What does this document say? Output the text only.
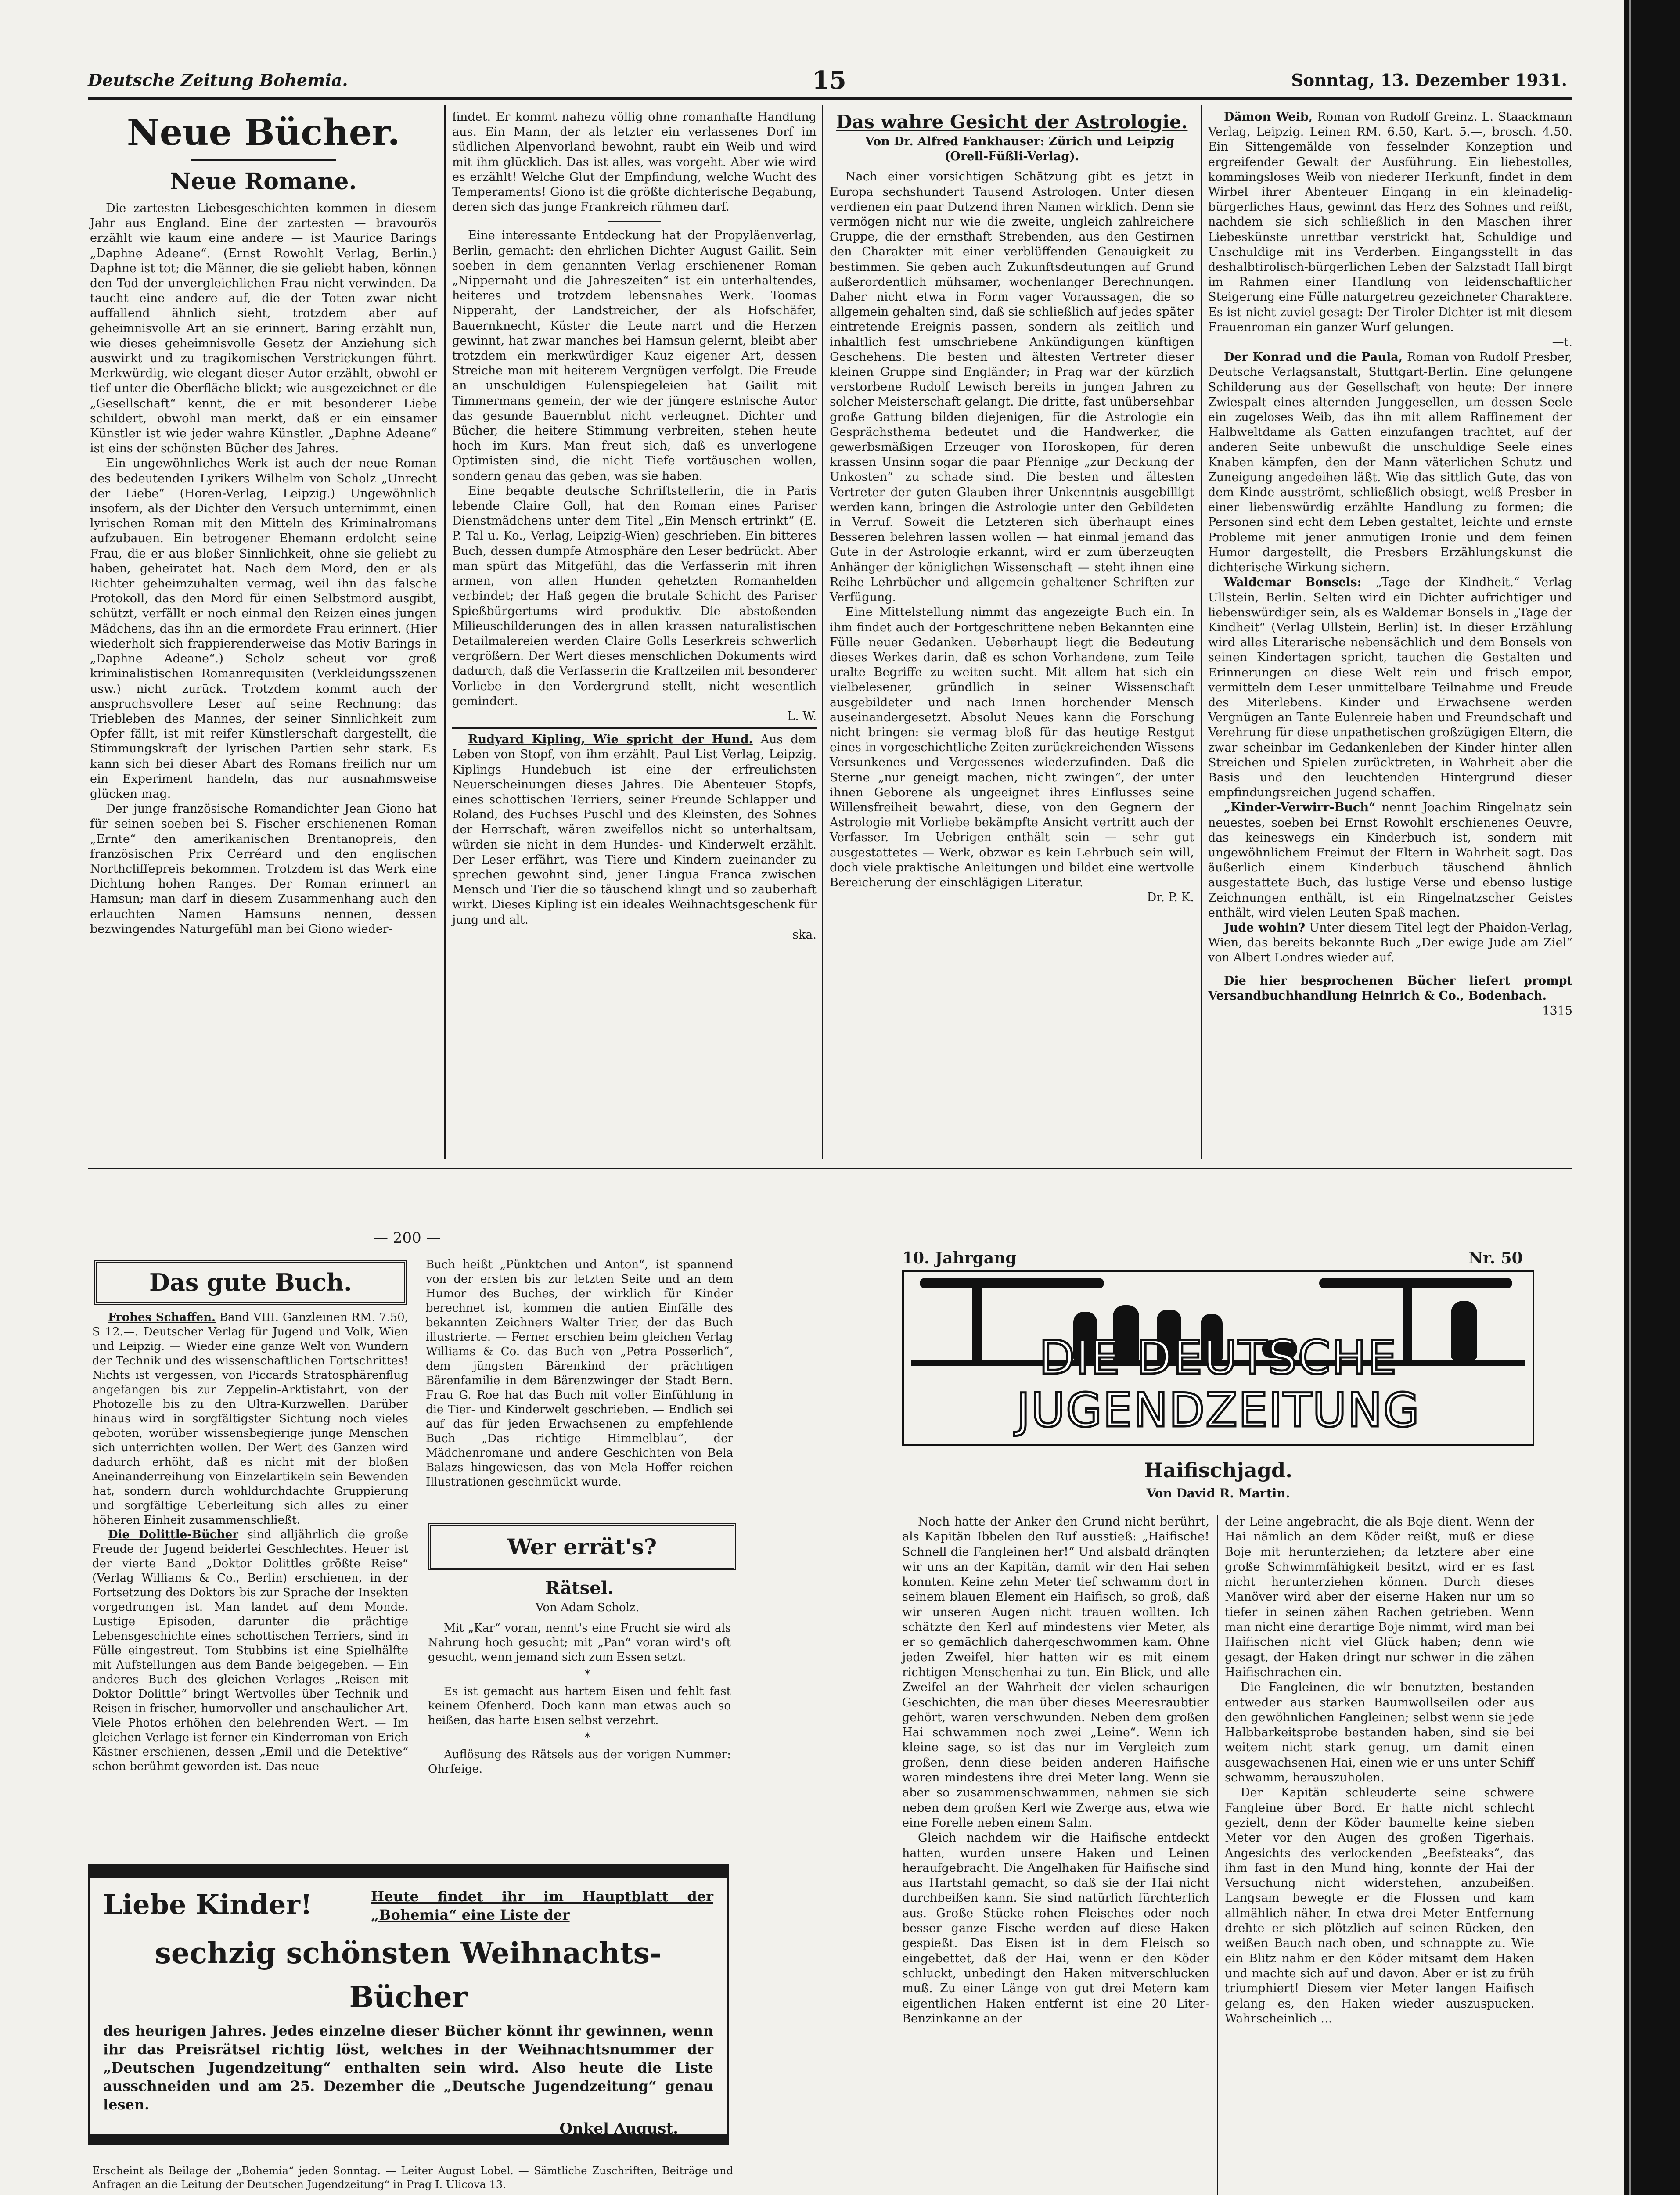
Deutsche Zeitung Bohemia.	15	Sonntag, 13. Dezember 1931.
Neue Bücher.
Neue Romane.

Die zartesten Liebesgeschichten kommen in diesem Jahr aus England. Eine der zartesten — bravourös erzählt wie kaum eine andere — ist Maurice Barings „Daphne Adeane“. (Ernst Rowohlt Verlag, Berlin.) Daphne ist tot; die Männer, die sie geliebt haben, können den Tod der unvergleichlichen Frau nicht verwinden. Da taucht eine andere auf, die der Toten zwar nicht auffallend ähnlich sieht, trotzdem aber auf geheimnisvolle Art an sie erinnert. Baring erzählt nun, wie dieses geheimnisvolle Gesetz der Anziehung sich auswirkt und zu tragikomischen Verstrickungen führt. Merkwürdig, wie elegant dieser Autor erzählt, obwohl er tief unter die Oberfläche blickt; wie ausgezeichnet er die „Gesellschaft“ kennt, die er mit besonderer Liebe schildert, obwohl man merkt, daß er ein einsamer Künstler ist wie jeder wahre Künstler. „Daphne Adeane“ ist eins der schönsten Bücher des Jahres.

Ein ungewöhnliches Werk ist auch der neue Roman des bedeutenden Lyrikers Wilhelm von Scholz „Unrecht der Liebe“ (Horen-Verlag, Leipzig.) Ungewöhnlich insofern, als der Dichter den Versuch unternimmt, einen lyrischen Roman mit den Mitteln des Kriminalromans aufzubauen. Ein betrogener Ehemann erdolcht seine Frau, die er aus bloßer Sinnlichkeit, ohne sie geliebt zu haben, geheiratet hat. Nach dem Mord, den er als Richter geheimzuhalten vermag, weil ihn das falsche Protokoll, das den Mord für einen Selbstmord ausgibt, schützt, verfällt er noch einmal den Reizen eines jungen Mädchens, das ihn an die ermordete Frau erinnert. (Hier wiederholt sich frappierenderweise das Motiv Barings in „Daphne Adeane“.) Scholz scheut vor groß kriminalistischen Romanrequisiten (Verkleidungsszenen usw.) nicht zurück. Trotzdem kommt auch der anspruchsvollere Leser auf seine Rechnung: das Triebleben des Mannes, der seiner Sinnlichkeit zum Opfer fällt, ist mit reifer Künstlerschaft dargestellt, die Stimmungskraft der lyrischen Partien sehr stark. Es kann sich bei dieser Abart des Romans freilich nur um ein Experiment handeln, das nur ausnahmsweise glücken mag.

Der junge französische Romandichter Jean Giono hat für seinen soeben bei S. Fischer erschienenen Roman „Ernte“ den amerikanischen Brentanopreis, den französischen Prix Cerréard und den englischen Northcliffepreis bekommen. Trotzdem ist das Werk eine Dichtung hohen Ranges. Der Roman erinnert an Hamsun; man darf in diesem Zusammenhang auch den erlauchten Namen Hamsuns nennen, dessen bezwingendes Naturgefühl man bei Giono wieder-

findet. Er kommt nahezu völlig ohne romanhafte Handlung aus. Ein Mann, der als letzter ein verlassenes Dorf im südlichen Alpenvorland bewohnt, raubt ein Weib und wird mit ihm glücklich. Das ist alles, was vorgeht. Aber wie wird es erzählt! Welche Glut der Empfindung, welche Wucht des Temperaments! Giono ist die größte dichterische Begabung, deren sich das junge Frankreich rühmen darf.

Eine interessante Entdeckung hat der Propyläenverlag, Berlin, gemacht: den ehrlichen Dichter August Gailit. Sein soeben in dem genannten Verlag erschienener Roman „Nippernaht und die Jahreszeiten“ ist ein unterhaltendes, heiteres und trotzdem lebensnahes Werk. Toomas Nipperaht, der Landstreicher, der als Hofschäfer, Bauernknecht, Küster die Leute narrt und die Herzen gewinnt, hat zwar manches bei Hamsun gelernt, bleibt aber trotzdem ein merkwürdiger Kauz eigener Art, dessen Streiche man mit heiterem Vergnügen verfolgt. Die Freude an unschuldigen Eulenspiegeleien hat Gailit mit Timmermans gemein, der wie der jüngere estnische Autor das gesunde Bauernblut nicht verleugnet. Dichter und Bücher, die heitere Stimmung verbreiten, stehen heute hoch im Kurs. Man freut sich, daß es unverlogene Optimisten sind, die nicht Tiefe vortäuschen wollen, sondern genau das geben, was sie haben.

Eine begabte deutsche Schriftstellerin, die in Paris lebende Claire Goll, hat den Roman eines Pariser Dienstmädchens unter dem Titel „Ein Mensch ertrinkt“ (E. P. Tal u. Ko., Verlag, Leipzig-Wien) geschrieben. Ein bitteres Buch, dessen dumpfe Atmosphäre den Leser bedrückt. Aber man spürt das Mitgefühl, das die Verfasserin mit ihren armen, von allen Hunden gehetzten Romanhelden verbindet; der Haß gegen die brutale Schicht des Pariser Spießbürgertums wird produktiv. Die abstoßenden Milieuschilderungen des in allen krassen naturalistischen Detailmalereien werden Claire Golls Leserkreis schwerlich vergrößern. Der Wert dieses menschlichen Dokuments wird dadurch, daß die Verfasserin die Kraftzeilen mit besonderer Vorliebe in den Vordergrund stellt, nicht wesentlich gemindert.

L. W.

Rudyard Kipling, Wie spricht der Hund. Aus dem Leben von Stopf, von ihm erzählt. Paul List Verlag, Leipzig. Kiplings Hundebuch ist eine der erfreulichsten Neuerscheinungen dieses Jahres. Die Abenteuer Stopfs, eines schottischen Terriers, seiner Freunde Schlapper und Roland, des Fuchses Puschl und des Kleinsten, des Sohnes der Herrschaft, wären zweifellos nicht so unterhaltsam, würden sie nicht in dem Hundes- und Kinderwelt erzählt. Der Leser erfährt, was Tiere und Kindern zueinander zu sprechen gewohnt sind, jener Lingua Franca zwischen Mensch und Tier die so täuschend klingt und so zauberhaft wirkt. Dieses Kipling ist ein ideales Weihnachtsgeschenk für jung und alt.

ska.

Das wahre Gesicht der Astrologie.

Von Dr. Alfred Fankhauser: Zürich und Leipzig (Orell-Füßli-Verlag).

Nach einer vorsichtigen Schätzung gibt es jetzt in Europa sechshundert Tausend Astrologen. Unter diesen verdienen ein paar Dutzend ihren Namen wirklich. Denn sie vermögen nicht nur wie die zweite, ungleich zahlreichere Gruppe, die der ernsthaft Strebenden, aus den Gestirnen den Charakter mit einer verblüffenden Genauigkeit zu bestimmen. Sie geben auch Zukunftsdeutungen auf Grund außerordentlich mühsamer, wochenlanger Berechnungen. Daher nicht etwa in Form vager Voraussagen, die so allgemein gehalten sind, daß sie schließlich auf jedes später eintretende Ereignis passen, sondern als zeitlich und inhaltlich fest umschriebene Ankündigungen künftigen Geschehens. Die besten und ältesten Vertreter dieser kleinen Gruppe sind Engländer; in Prag war der kürzlich verstorbene Rudolf Lewisch bereits in jungen Jahren zu solcher Meisterschaft gelangt. Die dritte, fast unübersehbar große Gattung bilden diejenigen, für die Astrologie ein Gesprächsthema bedeutet und die Handwerker, die gewerbsmäßigen Erzeuger von Horoskopen, für deren krassen Unsinn sogar die paar Pfennige „zur Deckung der Unkosten“ zu schade sind. Die besten und ältesten Vertreter der guten Glauben ihrer Unkenntnis ausgebilligt werden kann, bringen die Astrologie unter den Gebildeten in Verruf. Soweit die Letzteren sich überhaupt eines Besseren belehren lassen wollen — hat einmal jemand das Gute in der Astrologie erkannt, wird er zum überzeugten Anhänger der königlichen Wissenschaft — steht ihnen eine Reihe Lehrbücher und allgemein gehaltener Schriften zur Verfügung.

Eine Mittelstellung nimmt das angezeigte Buch ein. In ihm findet auch der Fortgeschrittene neben Bekannten eine Fülle neuer Gedanken. Ueberhaupt liegt die Bedeutung dieses Werkes darin, daß es schon Vorhandene, zum Teile uralte Begriffe zu weiten sucht. Mit allem hat sich ein vielbelesener, gründlich in seiner Wissenschaft ausgebildeter und nach Innen horchender Mensch auseinandergesetzt. Absolut Neues kann die Forschung nicht bringen: sie vermag bloß für das heutige Restgut eines in vorgeschichtliche Zeiten zurückreichenden Wissens Versunkenes und Vergessenes wiederzufinden. Daß die Sterne „nur geneigt machen, nicht zwingen“, der unter ihnen Geborene als ungeeignet ihres Einflusses seine Willensfreiheit bewahrt, diese, von den Gegnern der Astrologie mit Vorliebe bekämpfte Ansicht vertritt auch der Verfasser. Im Uebrigen enthält sein — sehr gut ausgestattetes — Werk, obzwar es kein Lehrbuch sein will, doch viele praktische Anleitungen und bildet eine wertvolle Bereicherung der einschlägigen Literatur.

Dr. P. K.

Dämon Weib, Roman von Rudolf Greinz. L. Staackmann Verlag, Leipzig. Leinen RM. 6.50, Kart. 5.—, brosch. 4.50. Ein Sittengemälde von fesselnder Konzeption und ergreifender Gewalt der Ausführung. Ein liebestolles, kommingsloses Weib von niederer Herkunft, findet in dem Wirbel ihrer Abenteuer Eingang in ein kleinadelig-bürgerliches Haus, gewinnt das Herz des Sohnes und reißt, nachdem sie sich schließlich in den Maschen ihrer Liebeskünste unrettbar verstrickt hat, Schuldige und Unschuldige mit ins Verderben. Eingangsstellt in das deshalbtirolisch-bürgerlichen Leben der Salzstadt Hall birgt im Rahmen einer Handlung von leidenschaftlicher Steigerung eine Fülle naturgetreu gezeichneter Charaktere. Es ist nicht zuviel gesagt: Der Tiroler Dichter ist mit diesem Frauenroman ein ganzer Wurf gelungen.

—t.

Der Konrad und die Paula, Roman von Rudolf Presber, Deutsche Verlagsanstalt, Stuttgart-Berlin. Eine gelungene Schilderung aus der Gesellschaft von heute: Der innere Zwiespalt eines alternden Junggesellen, um dessen Seele ein zugeloses Weib, das ihn mit allem Raffinement der Halbweltdame als Gatten einzufangen trachtet, auf der anderen Seite unbewußt die unschuldige Seele eines Knaben kämpfen, den der Mann väterlichen Schutz und Zuneigung angedeihen läßt. Wie das sittlich Gute, das von dem Kinde ausströmt, schließlich obsiegt, weiß Presber in einer liebenswürdig erzählte Handlung zu formen; die Personen sind echt dem Leben gestaltet, leichte und ernste Probleme mit jener anmutigen Ironie und dem feinen Humor dargestellt, die Presbers Erzählungskunst die dichterische Wirkung sichern.

Waldemar Bonsels: „Tage der Kindheit.“ Verlag Ullstein, Berlin. Selten wird ein Dichter aufrichtiger und liebenswürdiger sein, als es Waldemar Bonsels in „Tage der Kindheit“ (Verlag Ullstein, Berlin) ist. In dieser Erzählung wird alles Literarische nebensächlich und dem Bonsels von seinen Kindertagen spricht, tauchen die Gestalten und Erinnerungen an diese Welt rein und frisch empor, vermitteln dem Leser unmittelbare Teilnahme und Freude des Miterlebens. Kinder und Erwachsene werden Vergnügen an Tante Eulenreie haben und Freundschaft und Verehrung für diese unpathetischen großzügigen Eltern, die zwar scheinbar im Gedankenleben der Kinder hinter allen Streichen und Spielen zurücktreten, in Wahrheit aber die Basis und den leuchtenden Hintergrund dieser empfindungsreichen Jugend schaffen.

„Kinder-Verwirr-Buch“ nennt Joachim Ringelnatz sein neuestes, soeben bei Ernst Rowohlt erschienenes Oeuvre, das keineswegs ein Kinderbuch ist, sondern mit ungewöhnlichem Freimut der Eltern in Wahrheit sagt. Das äußerlich einem Kinderbuch täuschend ähnlich ausgestattete Buch, das lustige Verse und ebenso lustige Zeichnungen enthält, ist ein Ringelnatzscher Geistes enthält, wird vielen Leuten Spaß machen.

Jude wohin? Unter diesem Titel legt der Phaidon-Verlag, Wien, das bereits bekannte Buch „Der ewige Jude am Ziel“ von Albert Londres wieder auf.

Die hier besprochenen Bücher liefert prompt Versandbuchhandlung Heinrich & Co., Bodenbach.

1315

— 200 —
Das gute Buch.

Frohes Schaffen. Band VIII. Ganzleinen RM. 7.50, S 12.—. Deutscher Verlag für Jugend und Volk, Wien und Leipzig. — Wieder eine ganze Welt von Wundern der Technik und des wissenschaftlichen Fortschrittes! Nichts ist vergessen, von Piccards Stratosphärenflug angefangen bis zur Zeppelin-Arktisfahrt, von der Photozelle bis zu den Ultra-Kurzwellen. Darüber hinaus wird in sorgfältigster Sichtung noch vieles geboten, worüber wissensbegierige junge Menschen sich unterrichten wollen. Der Wert des Ganzen wird dadurch erhöht, daß es nicht mit der bloßen Aneinanderreihung von Einzelartikeln sein Bewenden hat, sondern durch wohldurchdachte Gruppierung und sorgfältige Ueberleitung sich alles zu einer höheren Einheit zusammenschließt.

Die Dolittle-Bücher sind alljährlich die große Freude der Jugend beiderlei Geschlechtes. Heuer ist der vierte Band „Doktor Dolittles größte Reise“ (Verlag Williams & Co., Berlin) erschienen, in der Fortsetzung des Doktors bis zur Sprache der Insekten vorgedrungen ist. Man landet auf dem Monde. Lustige Episoden, darunter die prächtige Lebensgeschichte eines schottischen Terriers, sind in Fülle eingestreut. Tom Stubbins ist eine Spielhälfte mit Aufstellungen aus dem Bande beigegeben. — Ein anderes Buch des gleichen Verlages „Reisen mit Doktor Dolittle“ bringt Wertvolles über Technik und Reisen in frischer, humorvoller und anschaulicher Art. Viele Photos erhöhen den belehrenden Wert. — Im gleichen Verlage ist ferner ein Kinderroman von Erich Kästner erschienen, dessen „Emil und die Detektive“ schon berühmt geworden ist. Das neue

Buch heißt „Pünktchen und Anton“, ist spannend von der ersten bis zur letzten Seite und an dem Humor des Buches, der wirklich für Kinder berechnet ist, kommen die antien Einfälle des bekannten Zeichners Walter Trier, der das Buch illustrierte. — Ferner erschien beim gleichen Verlag Williams & Co. das Buch von „Petra Posserlich“, dem jüngsten Bärenkind der prächtigen Bärenfamilie in dem Bärenzwinger der Stadt Bern. Frau G. Roe hat das Buch mit voller Einfühlung in die Tier- und Kinderwelt geschrieben. — Endlich sei auf das für jeden Erwachsenen zu empfehlende Buch „Das richtige Himmelblau“, der Mädchenromane und andere Geschichten von Bela Balazs hingewiesen, das von Mela Hoffer reichen Illustrationen geschmückt wurde.

Wer errät's?
Rätsel.

Von Adam Scholz.

Mit „Kar“ voran, nennt's eine Frucht sie wird als Nahrung hoch gesucht; mit „Pan“ voran wird's oft gesucht, wenn jemand sich zum Essen setzt.

*

Es ist gemacht aus hartem Eisen und fehlt fast keinem Ofenherd. Doch kann man etwas auch so heißen, das harte Eisen selbst verzehrt.

*

Auflösung des Rätsels aus der vorigen Nummer: Ohrfeige.

Liebe Kinder!	Heute findet ihr im Hauptblatt der „Bohemia“ eine Liste der
sechzig schönsten Weihnachts-Bücher

des heurigen Jahres. Jedes einzelne dieser Bücher könnt ihr gewinnen, wenn ihr das Preisrätsel richtig löst, welches in der Weihnachtsnummer der „Deutschen Jugendzeitung“ enthalten sein wird. Also heute die Liste ausschneiden und am 25. Dezember die „Deutsche Jugendzeitung“ genau lesen.

Onkel August.

Erscheint als Beilage der „Bohemia“ jeden Sonntag. — Leiter August Lobel. — Sämtliche Zuschriften, Beiträge und Anfragen an die Leitung der Deutschen Jugendzeitung“ in Prag I. Ulicova 13.
10. Jahrgang	Nr. 50
DIE DEUTSCHE JUGENDZEITUNG
Haifischjagd.

Von David R. Martin.

Noch hatte der Anker den Grund nicht berührt, als Kapitän Ibbelen den Ruf ausstieß: „Haifische! Schnell die Fangleinen her!“ Und alsbald drängten wir uns an der Kapitän, damit wir den Hai sehen konnten. Keine zehn Meter tief schwamm dort in seinem blauen Element ein Haifisch, so groß, daß wir unseren Augen nicht trauen wollten. Ich schätzte den Kerl auf mindestens vier Meter, als er so gemächlich dahergeschwommen kam. Ohne jeden Zweifel, hier hatten wir es mit einem richtigen Menschenhai zu tun. Ein Blick, und alle Zweifel an der Wahrheit der vielen schaurigen Geschichten, die man über dieses Meeresraubtier gehört, waren verschwunden. Neben dem großen Hai schwammen noch zwei „Leine“. Wenn ich kleine sage, so ist das nur im Vergleich zum großen, denn diese beiden anderen Haifische waren mindestens ihre drei Meter lang. Wenn sie aber so zusammenschwammen, nahmen sie sich neben dem großen Kerl wie Zwerge aus, etwa wie eine Forelle neben einem Salm.

Gleich nachdem wir die Haifische entdeckt hatten, wurden unsere Haken und Leinen heraufgebracht. Die Angelhaken für Haifische sind aus Hartstahl gemacht, so daß sie der Hai nicht durchbeißen kann. Sie sind natürlich fürchterlich aus. Große Stücke rohen Fleisches oder noch besser ganze Fische werden auf diese Haken gespießt. Das Eisen ist in dem Fleisch so eingebettet, daß der Hai, wenn er den Köder schluckt, unbedingt den Haken mitverschlucken muß. Zu einer Länge von gut drei Metern kam eigentlichen Haken entfernt ist eine 20 Liter-Benzinkanne an der

der Leine angebracht, die als Boje dient. Wenn der Hai nämlich an dem Köder reißt, muß er diese Boje mit herunterziehen; da letztere aber eine große Schwimmfähigkeit besitzt, wird er es fast nicht herunterziehen können. Durch dieses Manöver wird aber der eiserne Haken nur um so tiefer in seinen zähen Rachen getrieben. Wenn man nicht eine derartige Boje nimmt, wird man bei Haifischen nicht viel Glück haben; denn wie gesagt, der Haken dringt nur schwer in die zähen Haifischrachen ein.

Die Fangleinen, die wir benutzten, bestanden entweder aus starken Baumwollseilen oder aus den gewöhnlichen Fangleinen; selbst wenn sie jede Halbbarkeitsprobe bestanden haben, sind sie bei weitem nicht stark genug, um damit einen ausgewachsenen Hai, einen wie er uns unter Schiff schwamm, herauszuholen.

Der Kapitän schleuderte seine schwere Fangleine über Bord. Er hatte nicht schlecht gezielt, denn der Köder baumelte keine sieben Meter vor den Augen des großen Tigerhais. Angesichts des verlockenden „Beefsteaks“, das ihm fast in den Mund hing, konnte der Hai der Versuchung nicht widerstehen, anzubeißen. Langsam bewegte er die Flossen und kam allmählich näher. In etwa drei Meter Entfernung drehte er sich plötzlich auf seinen Rücken, den weißen Bauch nach oben, und schnappte zu. Wie ein Blitz nahm er den Köder mitsamt dem Haken und machte sich auf und davon. Aber er ist zu früh triumphiert! Diesem vier Meter langen Haifisch gelang es, den Haken wieder auszuspucken. Wahrscheinlich ...
